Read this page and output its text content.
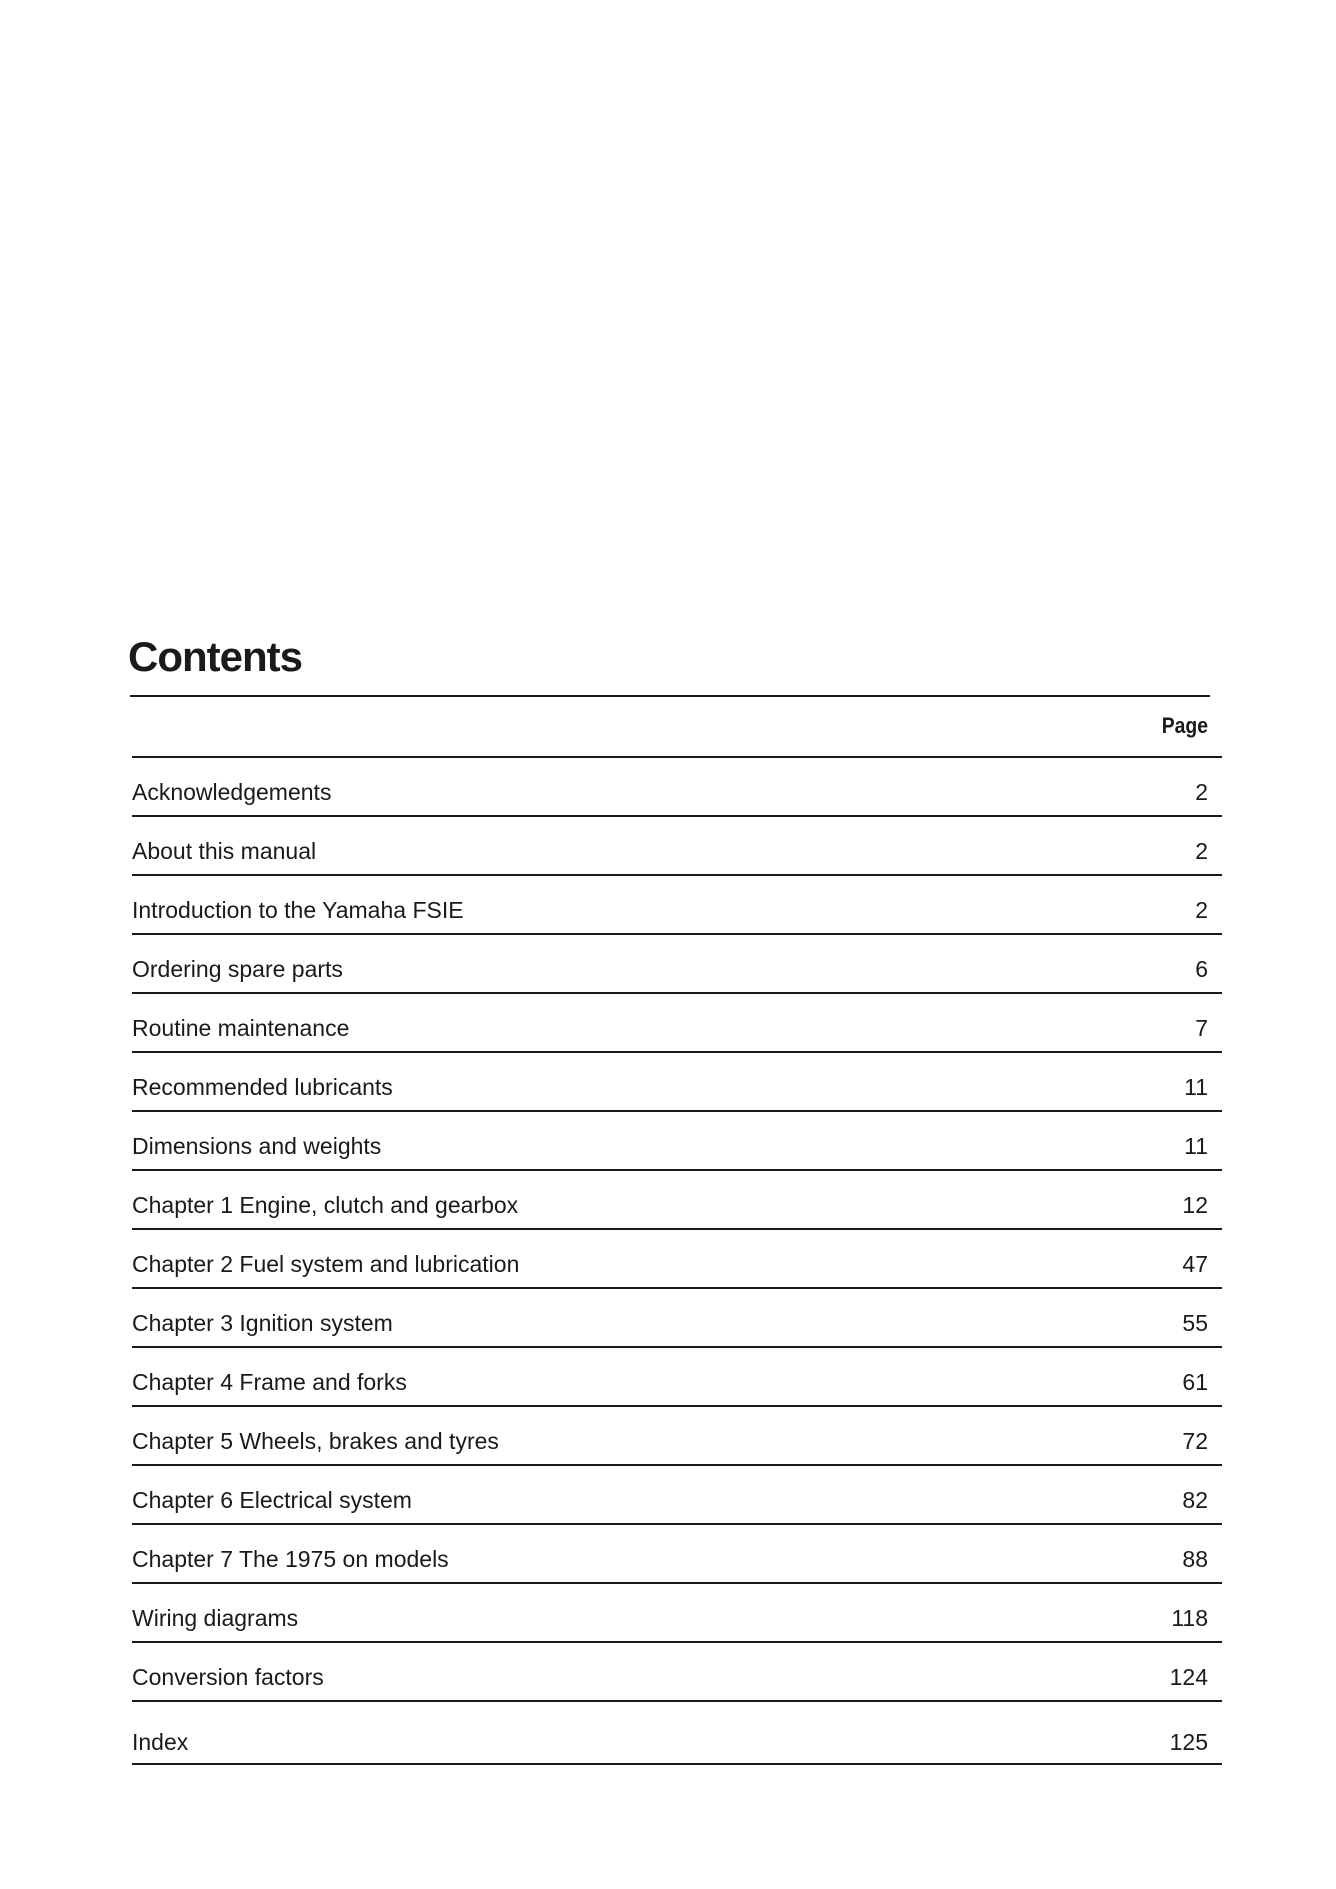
Contents
Page
Acknowledgements	2
About this manual	2
Introduction to the Yamaha FSIE	2
Ordering spare parts	6
Routine maintenance	7
Recommended lubricants	11
Dimensions and weights	11
Chapter 1 Engine, clutch and gearbox	12
Chapter 2 Fuel system and lubrication	47
Chapter 3 Ignition system	55
Chapter 4 Frame and forks	61
Chapter 5 Wheels, brakes and tyres	72
Chapter 6 Electrical system	82
Chapter 7 The 1975 on models	88
Wiring diagrams	118
Conversion factors	124
Index	125
